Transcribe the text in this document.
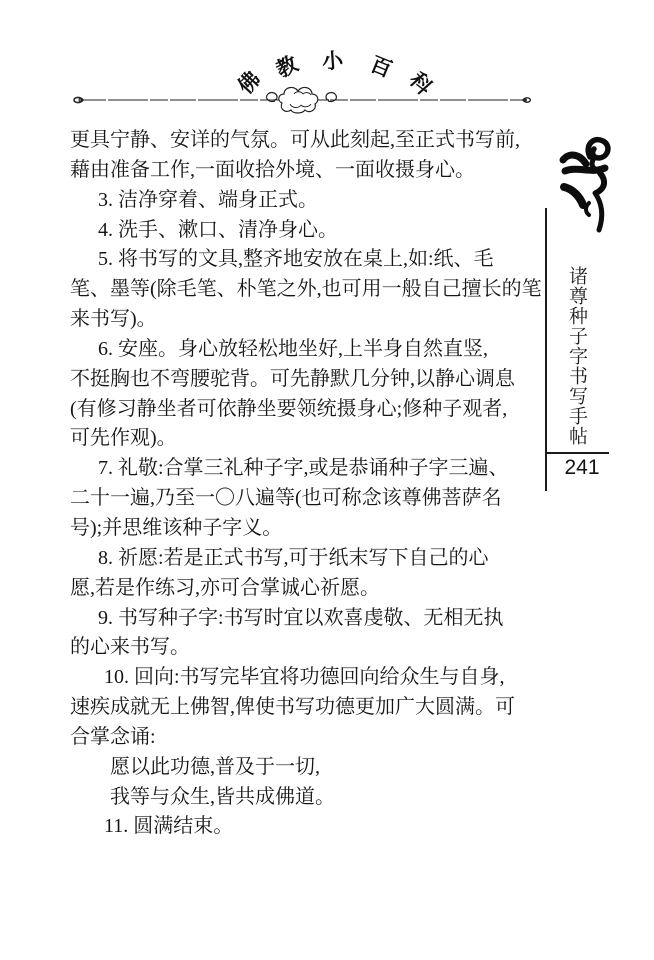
佛 教 小 百
科
更具宁静、安详的气氛。可从此刻起,至正式书写前,
藉由准备工作,一面收拾外境、一面收摄身心。
3. 洁净穿着、端身正式。
4. 洗手、漱口、清净身心。
5. 将书写的文具,整齐地安放在桌上,如:纸、毛
笔、墨等(除毛笔、朴笔之外,也可用一般自己擅长的笔
来书写)。
6. 安座。身心放轻松地坐好,上半身自然直竖,
不挺胸也不弯腰驼背。可先静默几分钟,以静心调息
(有修习静坐者可依静坐要领统摄身心;修种子观者,
可先作观)。
7. 礼敬:合掌三礼种子字,或是恭诵种子字三遍、
二十一遍,乃至一〇八遍等(也可称念该尊佛菩萨名
号);并思维该种子字义。
8. 祈愿:若是正式书写,可于纸末写下自己的心
愿,若是作练习,亦可合掌诚心祈愿。
9. 书写种子字:书写时宜以欢喜虔敬、无相无执
的心来书写。
10. 回向:书写完毕宜将功德回向给众生与自身,
速疾成就无上佛智,俾使书写功德更加广大圆满。可
合掌念诵:
愿以此功德,普及于一切,
我等与众生,皆共成佛道。
11. 圆满结束。
诸尊种子字书写手帖
241
